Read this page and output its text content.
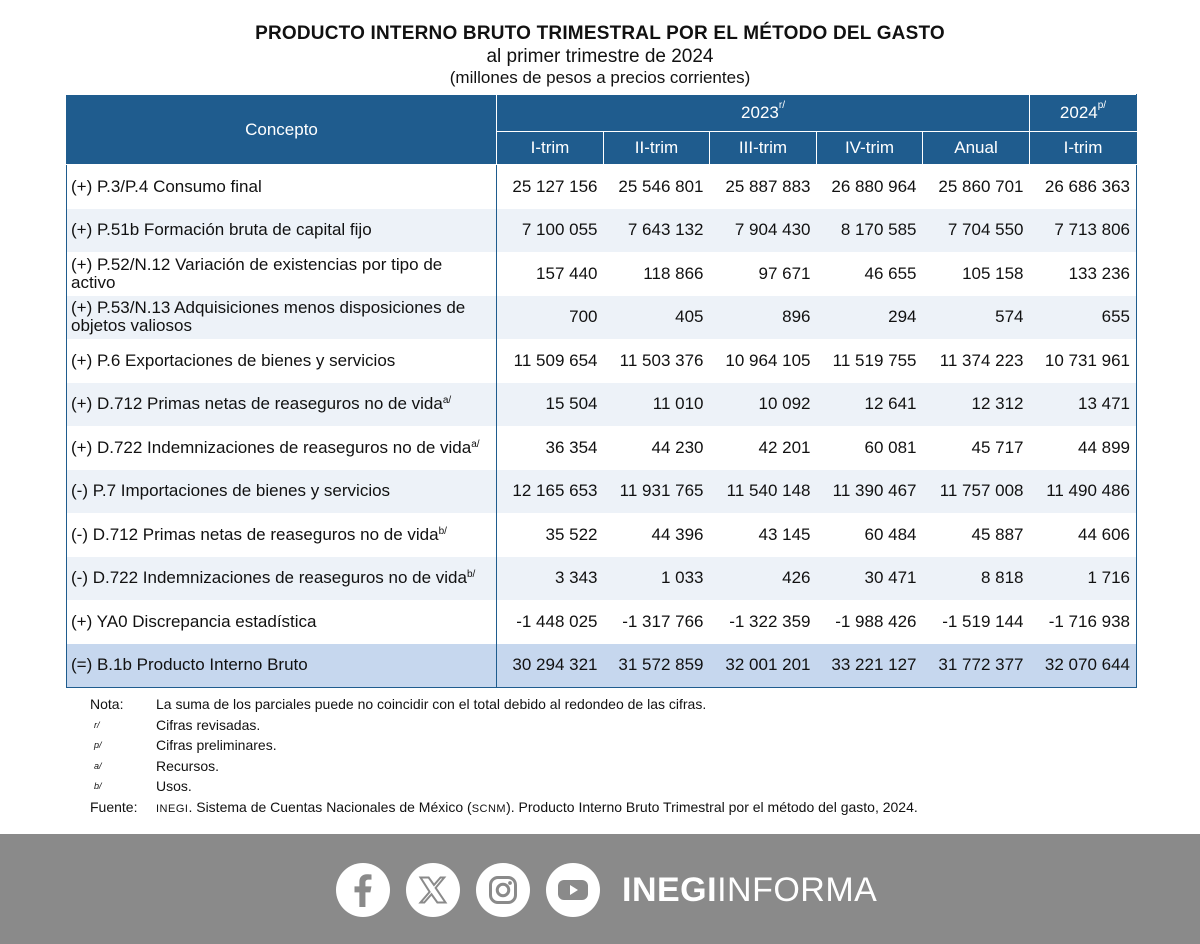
PRODUCTO INTERNO BRUTO TRIMESTRAL POR EL MÉTODO DEL GASTO
al primer trimestre de 2024
(millones de pesos a precios corrientes)
Concepto	$2023^{r/}$					$2024^{p/}$
	I-trim	II-trim	III-trim	IV-trim	Anual	I-trim
(+) P.3/P.4 Consumo final	25 127 156	25 546 801	25 887 883	26 880 964	25 860 701	26 686 363
(+) P.51b Formación bruta de capital fijo	7 100 055	7 643 132	7 904 430	8 170 585	7 704 550	7 713 806
(+) P.52/N.12 Variación de existencias por tipo de activo	157 440	118 866	97 671	46 655	105 158	133 236
(+) P.53/N.13 Adquisiciones menos disposiciones de objetos valiosos	700	405	896	294	574	655
(+) P.6 Exportaciones de bienes y servicios	11 509 654	11 503 376	10 964 105	11 519 755	11 374 223	10 731 961
(+) D.712 Primas netas de reaseguros no de vida$^{a/}$	15 504	11 010	10 092	12 641	12 312	13 471
(+) D.722 Indemnizaciones de reaseguros no de vida$^{a/}$	36 354	44 230	42 201	60 081	45 717	44 899
(-) P.7 Importaciones de bienes y servicios	12 165 653	11 931 765	11 540 148	11 390 467	11 757 008	11 490 486
(-) D.712 Primas netas de reaseguros no de vida$^{b/}$	35 522	44 396	43 145	60 484	45 887	44 606
(-) D.722 Indemnizaciones de reaseguros no de vida$^{b/}$	3 343	1 033	426	30 471	8 818	1 716
(+) YA0 Discrepancia estadística	-1 448 025	-1 317 766	-1 322 359	-1 988 426	-1 519 144	-1 716 938
(=) B.1b Producto Interno Bruto	30 294 321	31 572 859	32 001 201	33 221 127	31 772 377	32 070 644
Nota:	La suma de los parciales puede no coincidir con el total debido al redondeo de las cifras.
r/	Cifras revisadas.
p/	Cifras preliminares.
a/	Recursos.
b/	Usos.
Fuente:	INEGI. Sistema de Cuentas Nacionales de México (SCNM). Producto Interno Bruto Trimestral por el método del gasto, 2024.
INEGIINFORMA
